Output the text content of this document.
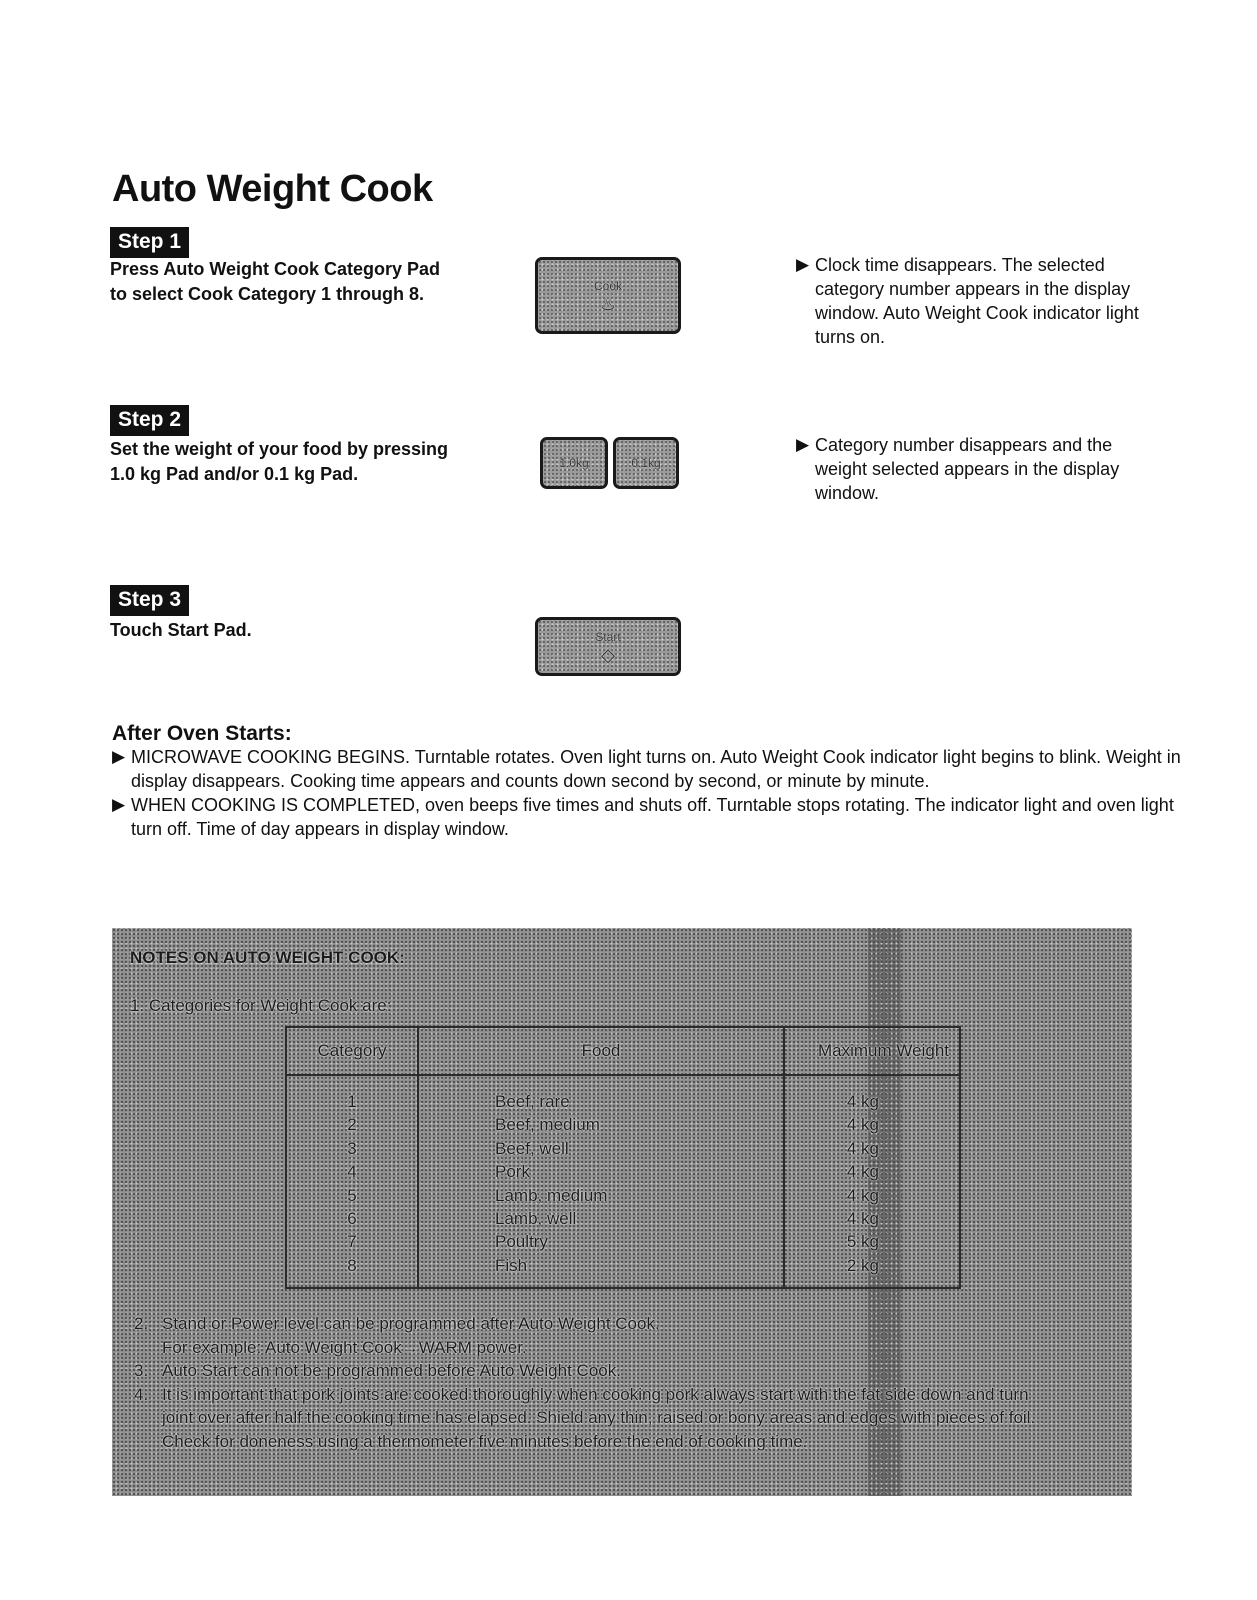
Auto Weight Cook
Step 1
Press Auto Weight Cook Category Pad to select Cook Category 1 through 8.	Cook
♨
▶ Clock time disappears. The selected category number appears in the display window. Auto Weight Cook indicator light turns on.
Step 2
Set the weight of your food by pressing 1.0 kg Pad and/or 0.1 kg Pad.
1.0kg	0.1kg
▶ Category number disappears and the weight selected appears in the display window.
Step 3
Touch Start Pad.	Start
◇
After Oven Starts:
▶ MICROWAVE COOKING BEGINS. Turntable rotates. Oven light turns on. Auto Weight Cook indicator light begins to blink. Weight in display disappears. Cooking time appears and counts down second by second, or minute by minute.
▶ WHEN COOKING IS COMPLETED, oven beeps five times and shuts off. Turntable stops rotating. The indicator light and oven light turn off. Time of day appears in display window.
NOTES ON AUTO WEIGHT COOK:
1. Categories for Weight Cook are:
Category	Food	Maximum Weight
1	Beef, rare	4 kg
2	Beef, medium	4 kg
3	Beef, well	4 kg
4	Pork	4 kg
5	Lamb, medium	4 kg
6	Lamb, well	4 kg
7	Poultry	5 kg
8	Fish	2 kg
2. Stand or Power level can be programmed after Auto Weight Cook.
For example: Auto Weight Cook→WARM power.
3. Auto Start can not be programmed before Auto Weight Cook.
4. It is important that pork joints are cooked thoroughly when cooking pork always start with the fat side down and turn joint over after half the cooking time has elapsed. Shield any thin, raised or bony areas and edges with pieces of foil. Check for doneness using a thermometer five minutes before the end of cooking time.
